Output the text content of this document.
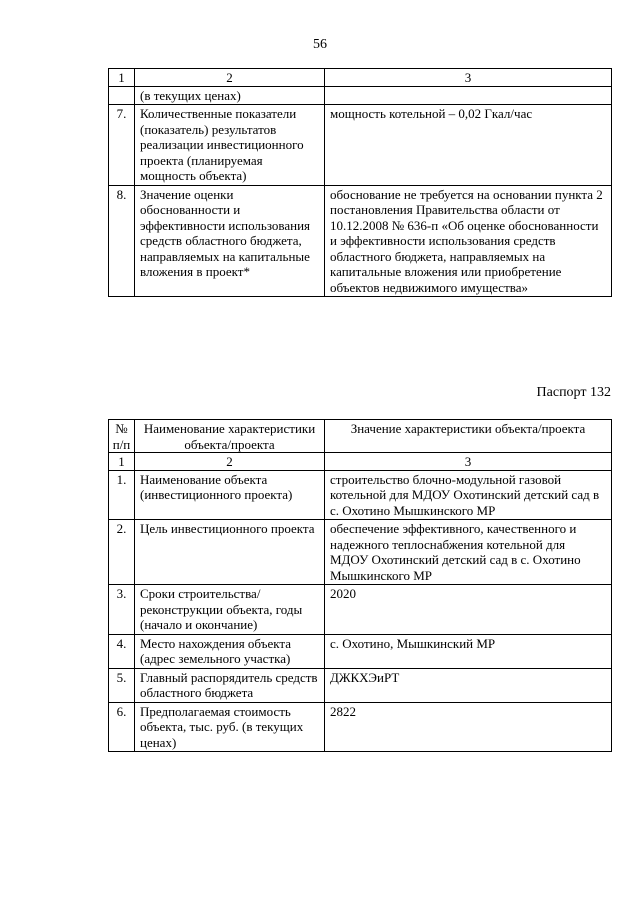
56
1	2	3
	(в текущих ценах)	
7.	Количественные показатели (показатель) результатов реализации инвестиционного проекта (планируемая мощность объекта)	мощность котельной – 0,02 Гкал/час
8.	Значение оценки обоснованности и эффективности использования средств областного бюджета, направляемых на капитальные вложения в проект*	обоснование не требуется на основании пункта 2 постановления Правительства области от 10.12.2008 № 636-п «Об оценке обоснованности и эффективности использования средств областного бюджета, направляемых на капитальные вложения или приобретение объектов недвижимого имущества»
Паспорт 132
№ п/п	Наименование характеристики объекта/проекта	Значение характеристики объекта/проекта
1	2	3
1.	Наименование объекта (инвестиционного проекта)	строительство блочно-модульной газовой котельной для МДОУ Охотинский детский сад в с. Охотино Мышкинского МР
2.	Цель инвестиционного проекта	обеспечение эффективного, качественного и надежного теплоснабжения котельной для МДОУ Охотинский детский сад в с. Охотино Мышкинского МР
3.	Сроки строительства/реконструкции объекта, годы (начало и окончание)	2020
4.	Место нахождения объекта (адрес земельного участка)	с. Охотино, Мышкинский МР
5.	Главный распорядитель средств областного бюджета	ДЖКХЭиРТ
6.	Предполагаемая стоимость объекта, тыс. руб. (в текущих ценах)	2822
